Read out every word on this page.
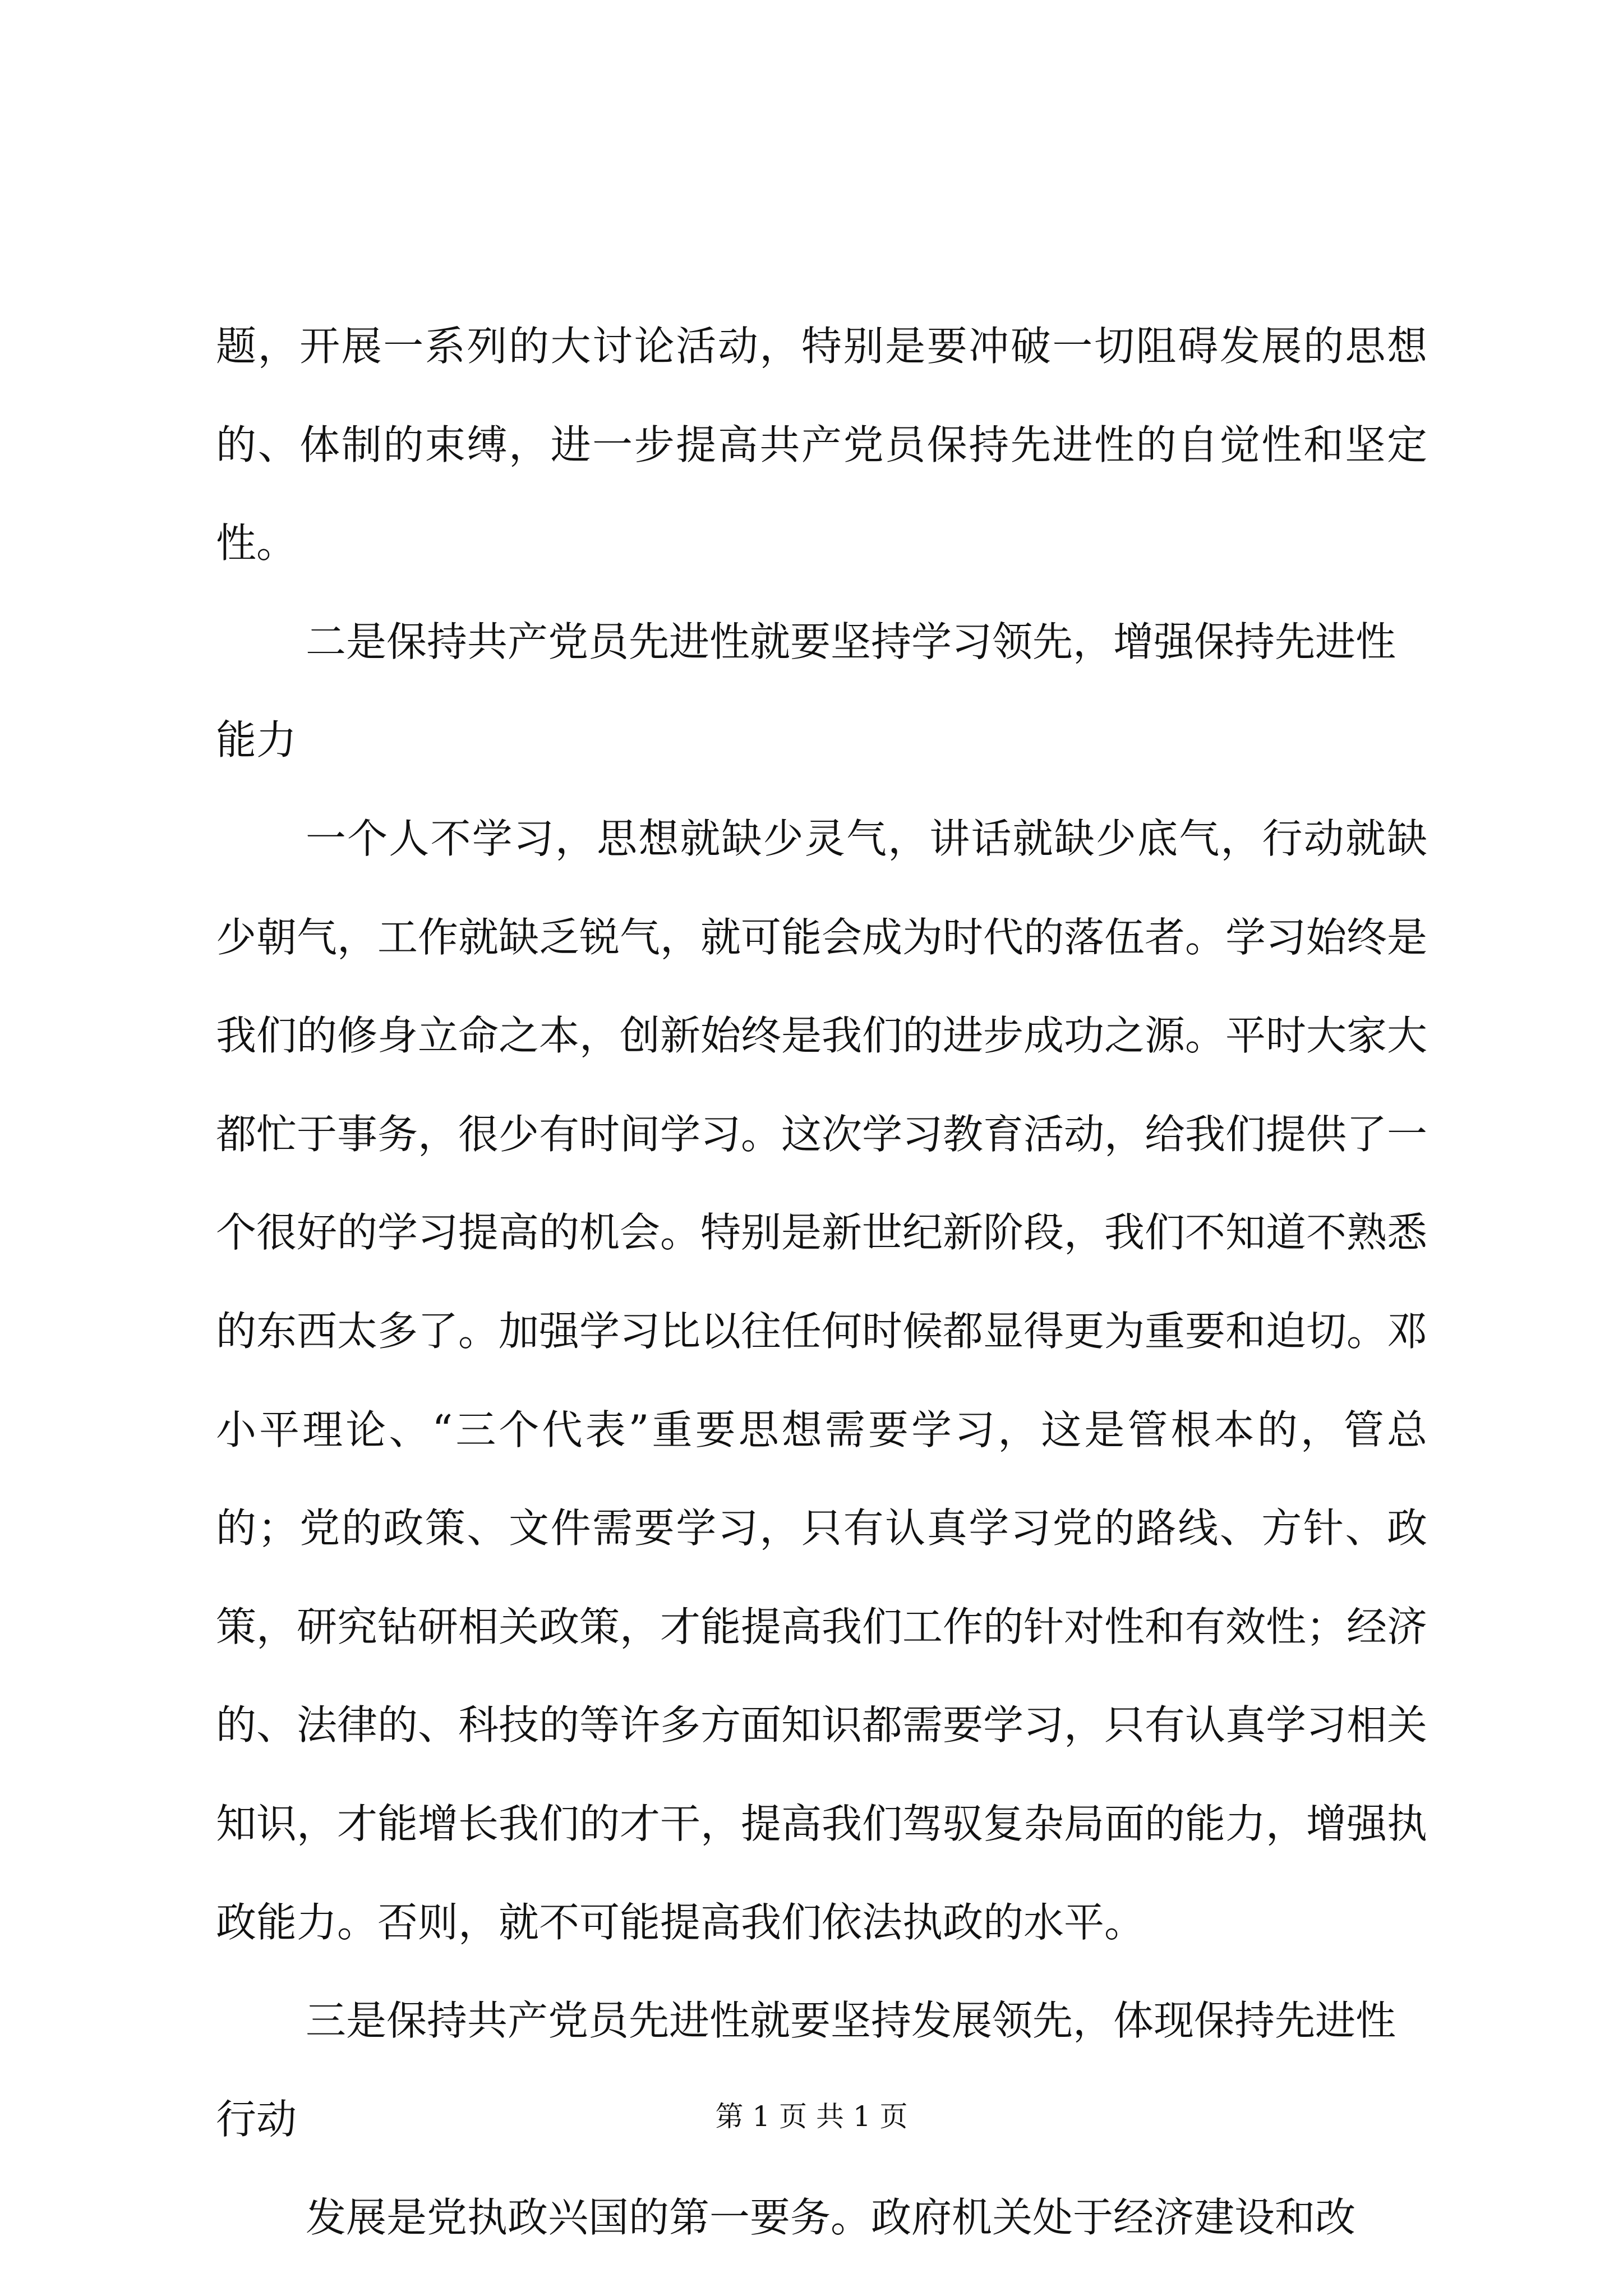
题，开展一系列的大讨论活动，特别是要冲破一切阻碍发展的思想的、体制的束缚，进一步提高共产党员保持先进性的自觉性和坚定性。

二是保持共产党员先进性就要坚持学习领先，增强保持先进性能力

一个人不学习，思想就缺少灵气，讲话就缺少底气，行动就缺少朝气，工作就缺乏锐气，就可能会成为时代的落伍者。学习始终是我们的修身立命之本，创新始终是我们的进步成功之源。平时大家大都忙于事务，很少有时间学习。这次学习教育活动，给我们提供了一个很好的学习提高的机会。特别是新世纪新阶段，我们不知道不熟悉的东西太多了。加强学习比以往任何时候都显得更为重要和迫切。邓小平理论、“三个代表”重要思想需要学习，这是管根本的，管总的；党的政策、文件需要学习，只有认真学习党的路线、方针、政策，研究钻研相关政策，才能提高我们工作的针对性和有效性；经济的、法律的、科技的等许多方面知识都需要学习，只有认真学习相关知识，才能增长我们的才干，提高我们驾驭复杂局面的能力，增强执政能力。否则，就不可能提高我们依法执政的水平。

三是保持共产党员先进性就要坚持发展领先，体现保持先进性行动

发展是党执政兴国的第一要务。政府机关处于经济建设和改

第 1 页 共 1 页
